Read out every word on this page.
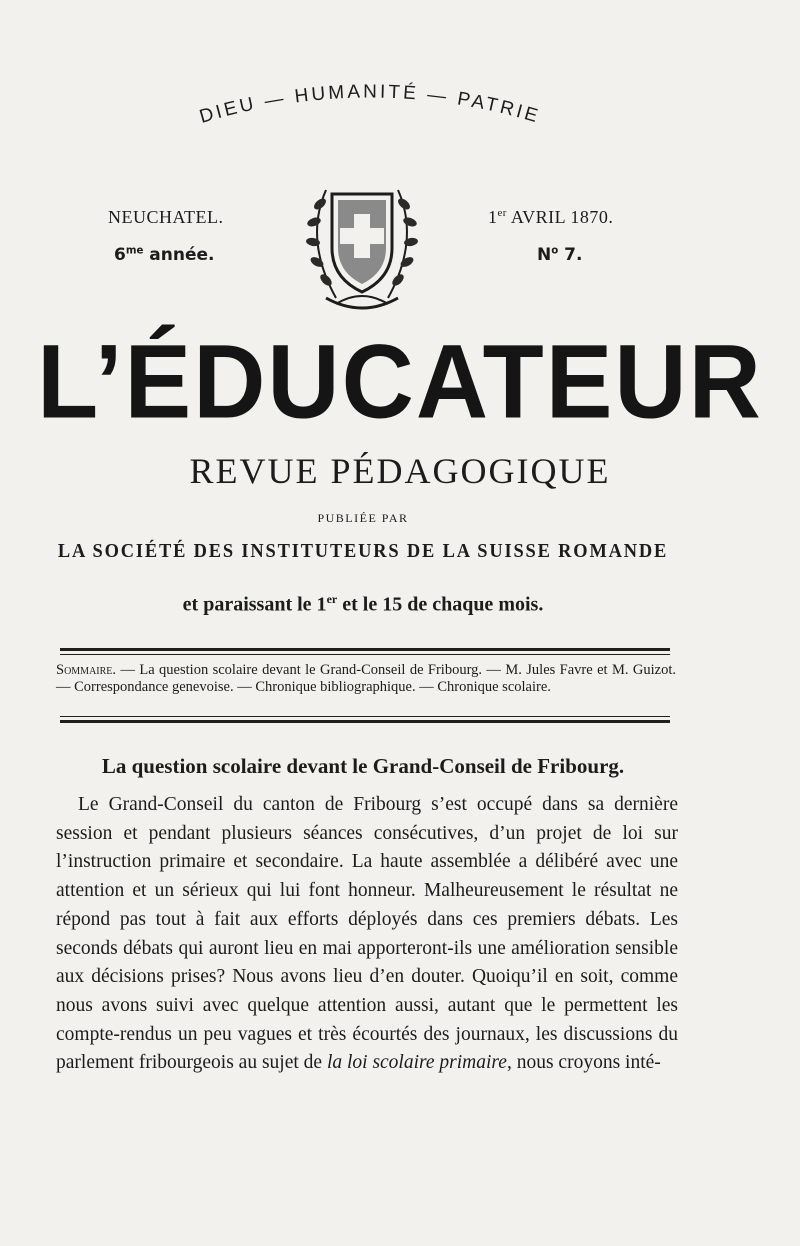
DIEU — HUMANITÉ — PATRIE
NEUCHATEL.
$6^{me}$ année.
1er AVRIL 1870.
$N^o$ 7.
L’ÉDUCATEUR
REVUE PÉDAGOGIQUE
PUBLIÉE PAR
LA SOCIÉTÉ DES INSTITUTEURS DE LA SUISSE ROMANDE
et paraissant le 1er et le 15 de chaque mois.
Sommaire. — La question scolaire devant le Grand-Conseil de Fribourg. — M. Jules Favre et M. Guizot. — Correspondance genevoise. — Chronique bibliographique. — Chronique scolaire.
La question scolaire devant le Grand-Conseil de Fribourg.
Le Grand-Conseil du canton de Fribourg s’est occupé dans sa dernière session et pendant plusieurs séances consécutives, d’un projet de loi sur l’instruction primaire et secondaire. La haute assemblée a délibéré avec une attention et un sérieux qui lui font honneur. Malheureusement le résultat ne répond pas tout à fait aux efforts déployés dans ces premiers débats. Les seconds débats qui auront lieu en mai apporteront-ils une amélioration sensible aux décisions prises? Nous avons lieu d’en douter. Quoiqu’il en soit, comme nous avons suivi avec quelque attention aussi, autant que le permettent les compte-rendus un peu vagues et très écourtés des journaux, les discussions du parlement fribourgeois au sujet de la loi scolaire primaire, nous croyons inté-
